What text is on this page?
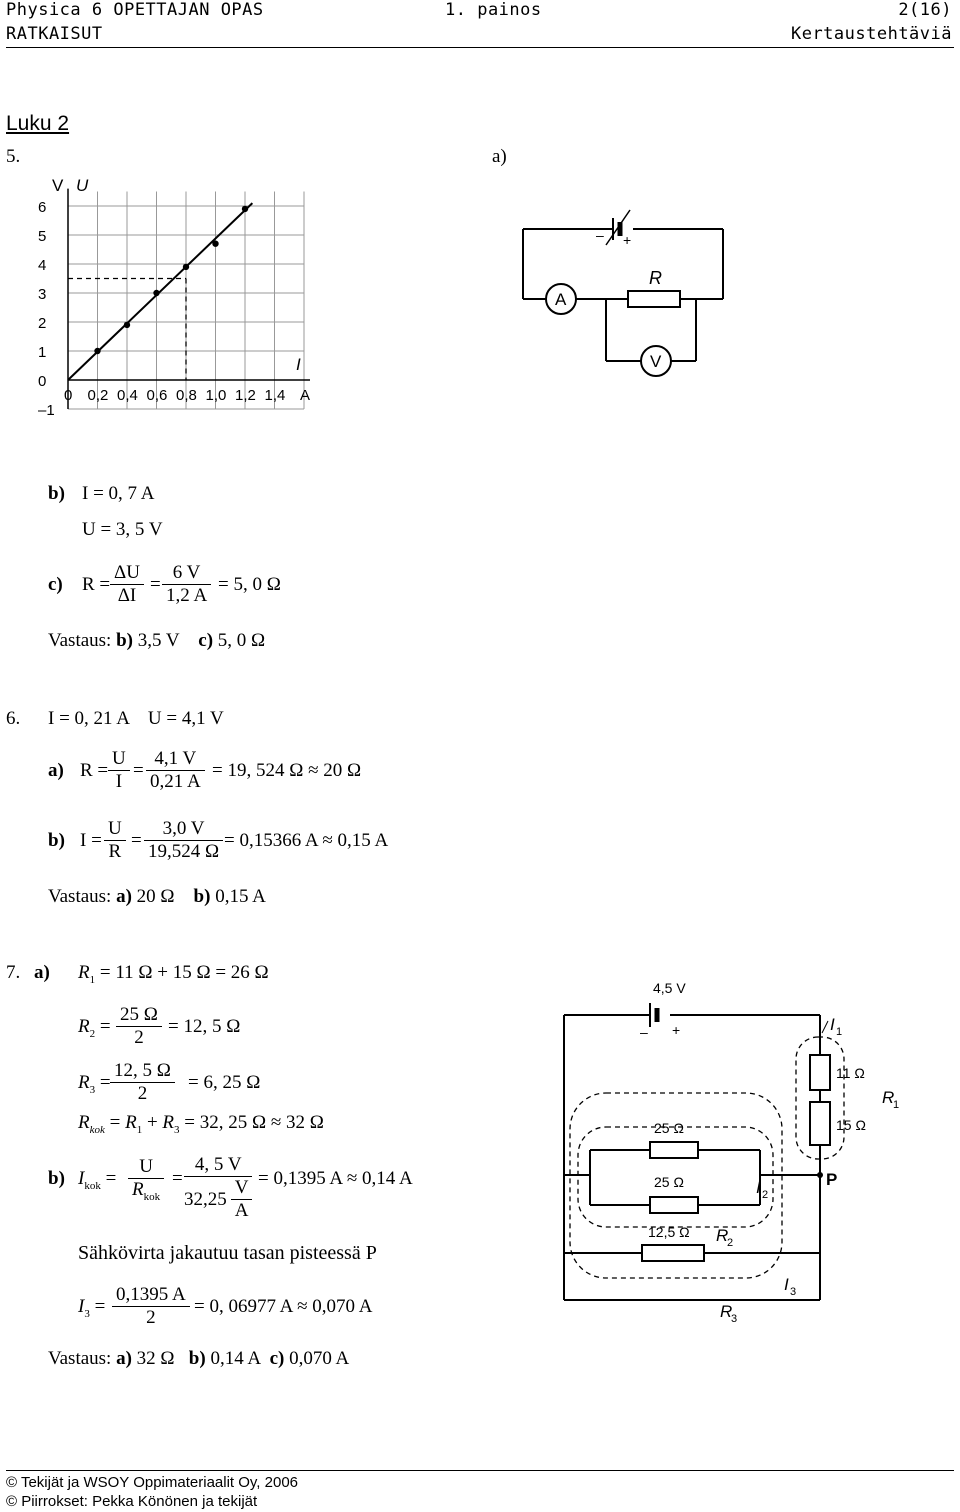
Physica 6 OPETTAJAN OPAS	1. painos	2(16)
RATKAISUT	Kertaustehtäviä
Luku 2
5.	a)
6
5
4
3
2
1
0
–1
0 0,2 0,4 0,6 0,8 1,0 1,2 1,4 A
V U
I
– +
A
R
V
b) I = 0, 7 A
U = 3, 5 V
c) $R = \frac{\Delta U}{\Delta I} = \frac{6 V}{1,2 A} = 5$, 0 Ω
Vastaus: b) 3,5 V c) 5, 0 Ω
6. I = 0, 21 A    U = 4,1 V
a) $R = \frac{U}{I} = \frac{4,1 V}{0,21 A} = 19$, 524 Ω ≈ 20 Ω
b) $I = \frac{U}{R} = \frac{3,0 V}{19,524 \Omega} = 0,15366$ A ≈ 0,15 A
Vastaus: a) 20 Ω b) 0,15 A
7. a) $R_1 = 11$ Ω + 15 Ω = 26 Ω
$R_2 = \frac{25 \Omega}{2} = 12$, 5 Ω
$R_3 = \frac{12, 5 \Omega}{2} = 6$, 25 Ω
$R_{kok} = R_1 + R_3 = 32$, 25 Ω ≈ 32 Ω
b) $I_{kok}$ =
U
$R_{kok}$
=
4, 5 V
32,25
V
A
= 0,1395 A ≈ 0,14 A
Sähkövirta jakautuu tasan pisteessä P
$I_3 = \frac{0,1395 A}{2} = 0$, 06977 A ≈ 0,070 A
Vastaus: a) 32 Ω b) 0,14 A c) 0,070 A
4,5 V
– +	I 1
11 Ω
15 Ω
R
1
25 Ω
25 Ω
12,5 Ω
P
I 2
R
2
I 3
R
3
© Tekijät ja WSOY Oppimateriaalit Oy, 2006
© Piirrokset: Pekka Könönen ja tekijät
